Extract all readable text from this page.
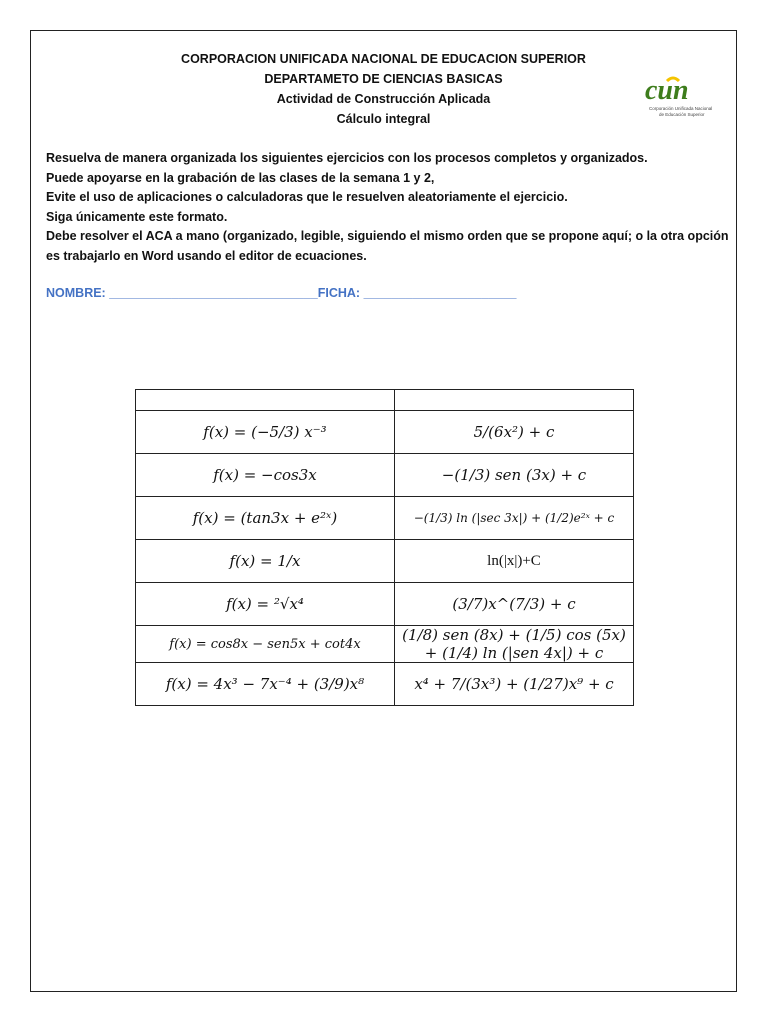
CORPORACION UNIFICADA NACIONAL DE EDUCACION SUPERIOR
DEPARTAMETO DE CIENCIAS BASICAS
Actividad de Construcción Aplicada
Cálculo integral
cun
Corporación Unificada Nacional
de Educación Superior
Resuelva de manera organizada los siguientes ejercicios con los procesos completos y organizados.
Puede apoyarse en la grabación de las clases de la semana 1 y 2,
Evite el uso de aplicaciones o calculadoras que le resuelven aleatoriamente el ejercicio.
Siga únicamente este formato.
Debe resolver el ACA a mano (organizado, legible, siguiendo el mismo orden que se propone aquí; o la otra opción es trabajarlo en Word usando el editor de ecuaciones.
NOMBRE: ______________________________FICHA: ______________________

f(x) = (−5/3) x⁻³	5/(6x²) + c
f(x) = −cos3x	−(1/3) sen (3x) + c
f(x) = (tan3x + e²ˣ)	−(1/3) ln (|sec 3x|) + (1/2)e²ˣ + c
f(x) = 1/x	ln(|x|)+C
f(x) = ²√x⁴	(3/7)x^(7/3) + c
f(x) = cos8x − sen5x + cot4x	(1/8) sen (8x) + (1/5) cos (5x) + (1/4) ln (|sen 4x|) + c
f(x) = 4x³ − 7x⁻⁴ + (3/9)x⁸	x⁴ + 7/(3x³) + (1/27)x⁹ + c
